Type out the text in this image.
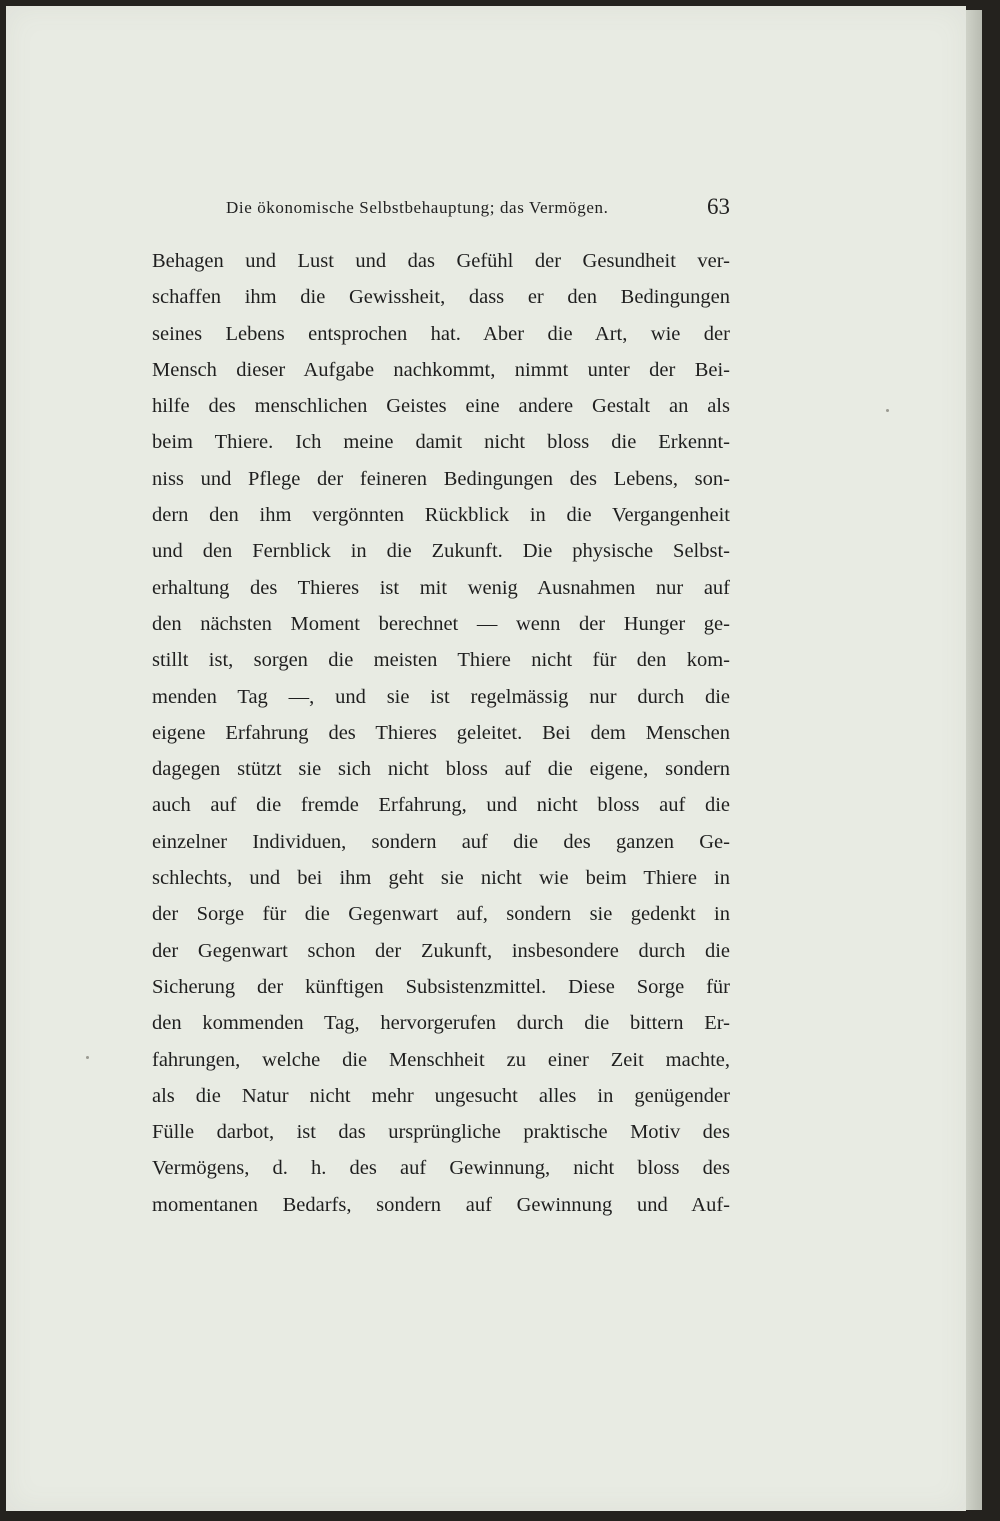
Die ökonomische Selbstbehauptung; das Vermögen.	63
Behagen und Lust und das Gefühl der Gesundheit ver-
schaffen ihm die Gewissheit, dass er den Bedingungen
seines Lebens entsprochen hat. Aber die Art, wie der
Mensch dieser Aufgabe nachkommt, nimmt unter der Bei-
hilfe des menschlichen Geistes eine andere Gestalt an als
beim Thiere. Ich meine damit nicht bloss die Erkennt-
niss und Pflege der feineren Bedingungen des Lebens, son-
dern den ihm vergönnten Rückblick in die Vergangenheit
und den Fernblick in die Zukunft. Die physische Selbst-
erhaltung des Thieres ist mit wenig Ausnahmen nur auf
den nächsten Moment berechnet — wenn der Hunger ge-
stillt ist, sorgen die meisten Thiere nicht für den kom-
menden Tag —, und sie ist regelmässig nur durch die
eigene Erfahrung des Thieres geleitet. Bei dem Menschen
dagegen stützt sie sich nicht bloss auf die eigene, sondern
auch auf die fremde Erfahrung, und nicht bloss auf die
einzelner Individuen, sondern auf die des ganzen Ge-
schlechts, und bei ihm geht sie nicht wie beim Thiere in
der Sorge für die Gegenwart auf, sondern sie gedenkt in
der Gegenwart schon der Zukunft, insbesondere durch die
Sicherung der künftigen Subsistenzmittel. Diese Sorge für
den kommenden Tag, hervorgerufen durch die bittern Er-
fahrungen, welche die Menschheit zu einer Zeit machte,
als die Natur nicht mehr ungesucht alles in genügender
Fülle darbot, ist das ursprüngliche praktische Motiv des
Vermögens, d. h. des auf Gewinnung, nicht bloss des
momentanen Bedarfs, sondern auf Gewinnung und Auf-
